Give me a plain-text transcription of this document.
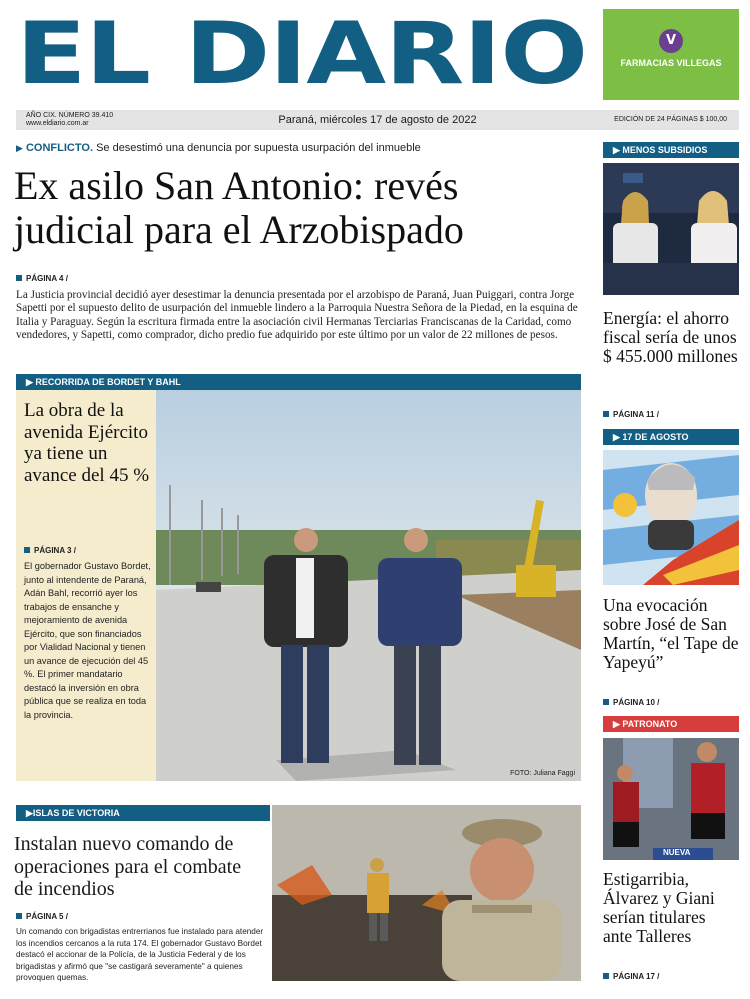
EL DIARIO	V
FARMACIAS VILLEGAS
AÑO CIX. NÚMERO 39.410
www.eldiario.com.ar	Paraná, miércoles 17 de agosto de 2022	EDICIÓN DE 24 PÁGINAS $ 100,00
▶ CONFLICTO. Se desestimó una denuncia por supuesta usurpación del inmueble
Ex asilo San Antonio: revés judicial para el Arzobispado
PÁGINA 4 /
La Justicia provincial decidió ayer desestimar la denuncia presentada por el arzobispo de Paraná, Juan Puiggari, contra Jorge Sapetti por el supuesto delito de usurpación del inmueble lindero a la Parroquia Nuestra Señora de la Piedad, en la esquina de Italia y Paraguay. Según la escritura firmada entre la asociación civil Hermanas Terciarias Franciscanas de la Caridad, como vendedores, y Sapetti, como comprador, dicho predio fue adquirido por este último por un valor de 22 millones de pesos.
▶ RECORRIDA DE BORDET Y BAHL
La obra de la avenida Ejército ya tiene un avance del 45 %
PÁGINA 3 /
El gobernador Gustavo Bordet, junto al intendente de Paraná, Adán Bahl, recorrió ayer los trabajos de ensanche y mejoramiento de avenida Ejército, que son financiados por Vialidad Nacional y tienen un avance de ejecución del 45 %. El primer mandatario destacó la inversión en obra pública que se realiza en toda la provincia.
FOTO: Juliana Faggi
▶ISLAS DE VICTORIA
Instalan nuevo comando de operaciones para el combate de incendios
PÁGINA 5 /
Un comando con brigadistas entrerrianos fue instalado para atender los incendios cercanos a la ruta 174. El gobernador Gustavo Bordet destacó el accionar de la Policía, de la Justicia Federal y de los brigadistas y afirmó que "se castigará severamente" a quienes provoquen quemas.
▶ MENOS SUBSIDIOS
Energía: el ahorro fiscal sería de unos $ 455.000 millones
PÁGINA 11 /
▶ 17 DE AGOSTO
Una evocación sobre José de San Martín, “el Tape de Yapeyú”
PÁGINA 10 /
▶ PATRONATO
NUEVA
Estigarribia, Álvarez y Giani serían titulares ante Talleres
PÁGINA 17 /
